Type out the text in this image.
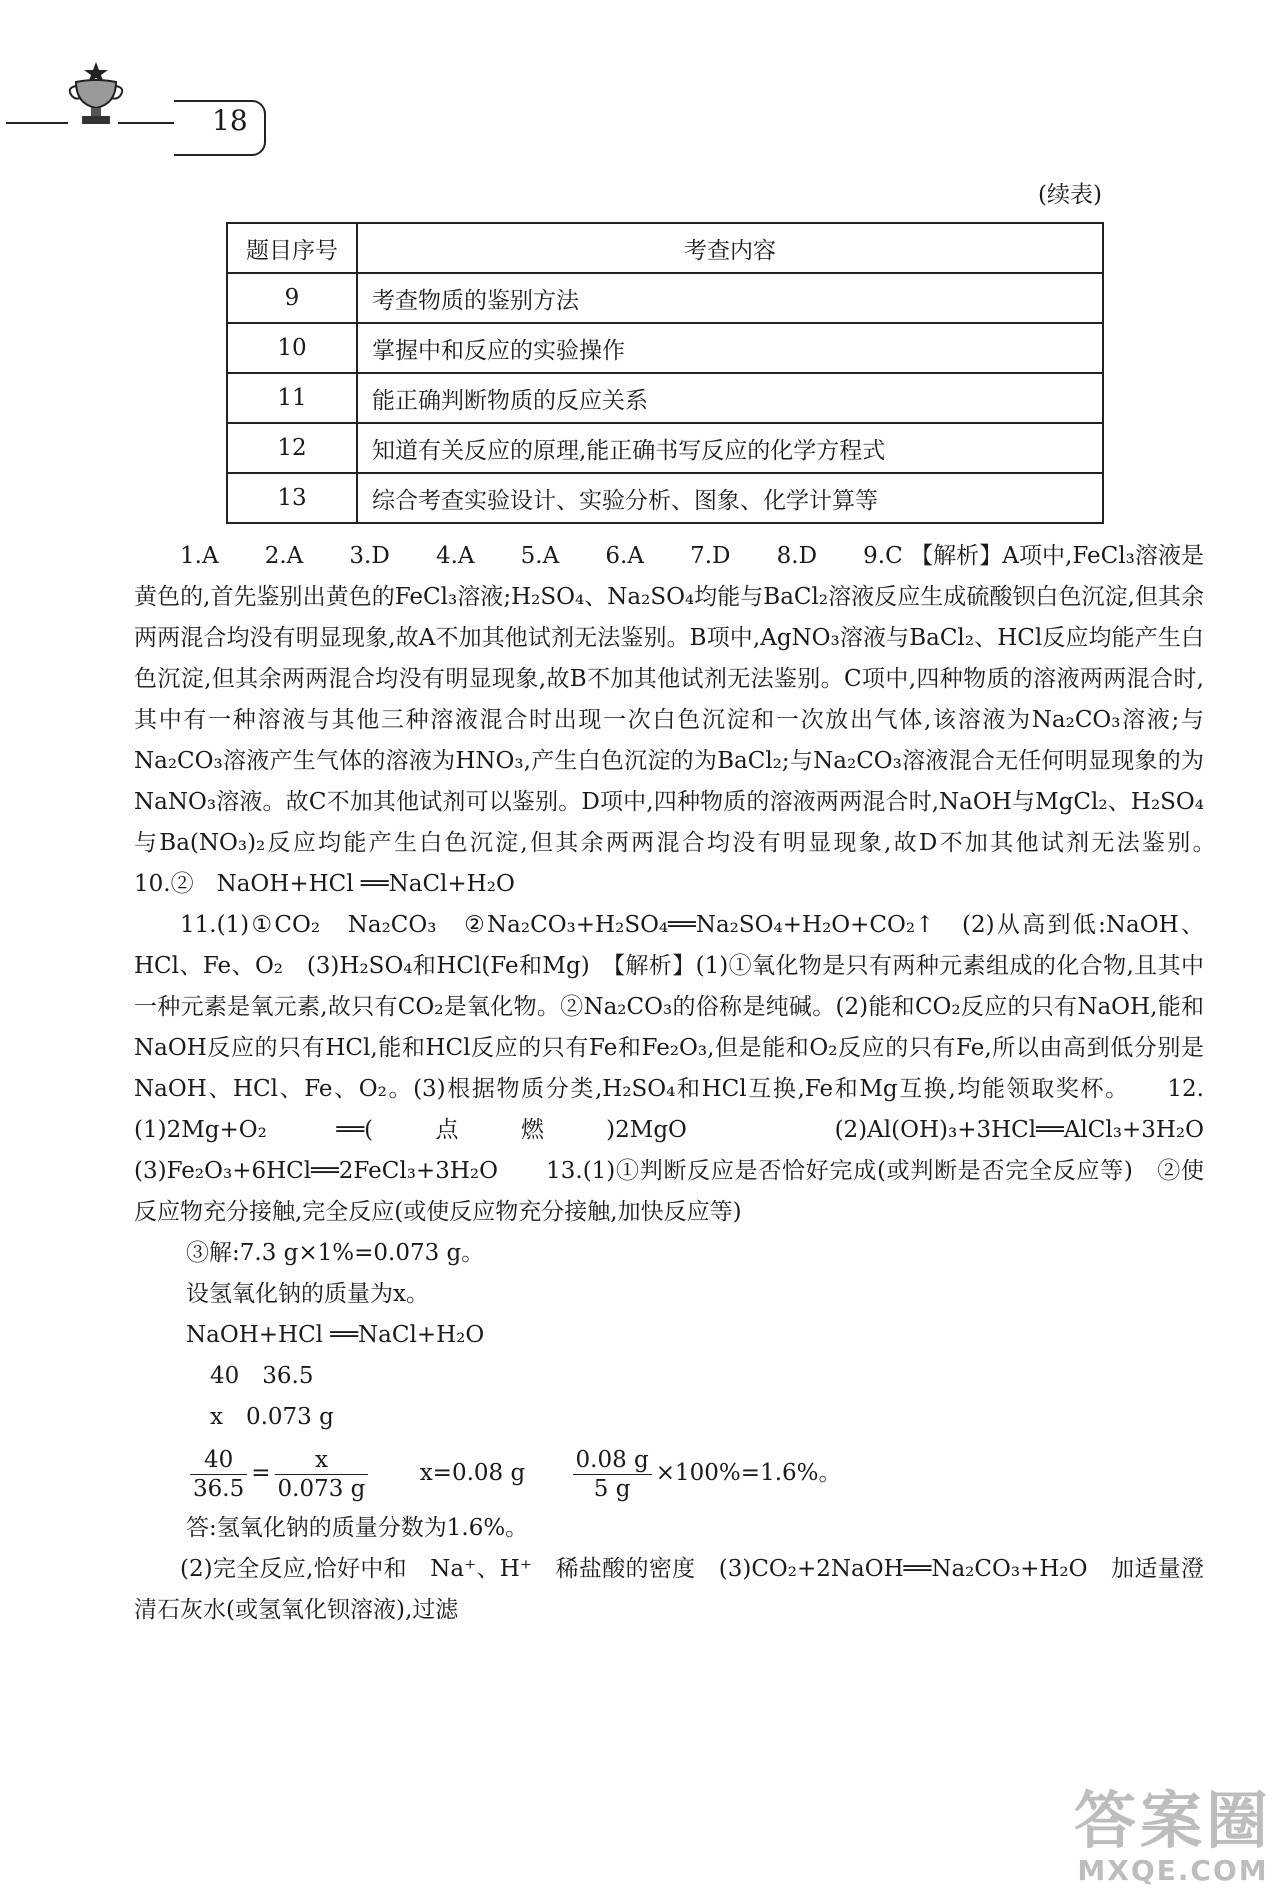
18
(续表)
题目序号	考查内容
9	考查物质的鉴别方法
10	掌握中和反应的实验操作
11	能正确判断物质的反应关系
12	知道有关反应的原理,能正确书写反应的化学方程式
13	综合考查实验设计、实验分析、图象、化学计算等

1.A　　2.A　　3.D　　4.A　　5.A　　6.A　　7.D　　8.D　　9.C 【解析】A项中,FeCl₃溶液是黄色的,首先鉴别出黄色的FeCl₃溶液;H₂SO₄、Na₂SO₄均能与BaCl₂溶液反应生成硫酸钡白色沉淀,但其余两两混合均没有明显现象,故A不加其他试剂无法鉴别。B项中,AgNO₃溶液与BaCl₂、HCl反应均能产生白色沉淀,但其余两两混合均没有明显现象,故B不加其他试剂无法鉴别。C项中,四种物质的溶液两两混合时,其中有一种溶液与其他三种溶液混合时出现一次白色沉淀和一次放出气体,该溶液为Na₂CO₃溶液;与Na₂CO₃溶液产生气体的溶液为HNO₃,产生白色沉淀的为BaCl₂;与Na₂CO₃溶液混合无任何明显现象的为NaNO₃溶液。故C不加其他试剂可以鉴别。D项中,四种物质的溶液两两混合时,NaOH与MgCl₂、H₂SO₄与Ba(NO₃)₂反应均能产生白色沉淀,但其余两两混合均没有明显现象,故D不加其他试剂无法鉴别。　　10.②　NaOH+HCl ══NaCl+H₂O

11.(1)①CO₂　Na₂CO₃　②Na₂CO₃+H₂SO₄══Na₂SO₄+H₂O+CO₂↑　(2)从高到低:NaOH、HCl、Fe、O₂　(3)H₂SO₄和HCl(Fe和Mg)　【解析】(1)①氧化物是只有两种元素组成的化合物,且其中一种元素是氧元素,故只有CO₂是氧化物。②Na₂CO₃的俗称是纯碱。(2)能和CO₂反应的只有NaOH,能和NaOH反应的只有HCl,能和HCl反应的只有Fe和Fe₂O₃,但是能和O₂反应的只有Fe,所以由高到低分别是NaOH、HCl、Fe、O₂。(3)根据物质分类,H₂SO₄和HCl互换,Fe和Mg互换,均能领取奖杯。　　12.(1)2Mg+O₂ ══(点燃)2MgO　(2)Al(OH)₃+3HCl══AlCl₃+3H₂O　(3)Fe₂O₃+6HCl══2FeCl₃+3H₂O　　13.(1)①判断反应是否恰好完成(或判断是否完全反应等)　②使反应物充分接触,完全反应(或使反应物充分接触,加快反应等)

③解:7.3 g×1%=0.073 g。

设氢氧化钠的质量为x。

NaOH+HCl ══NaCl+H₂O

40　36.5

x　0.073 g

$\frac{40}{36.5} = \frac{x}{0.073 g} x=0.08$ g $\frac{0.08 g}{5 g} \times 100\%=1.6\%$。

答:氢氧化钠的质量分数为1.6%。

(2)完全反应,恰好中和　Na⁺、H⁺　稀盐酸的密度　(3)CO₂+2NaOH══Na₂CO₃+H₂O　加适量澄清石灰水(或氢氧化钡溶液),过滤

答案圈
MXQE.COM
